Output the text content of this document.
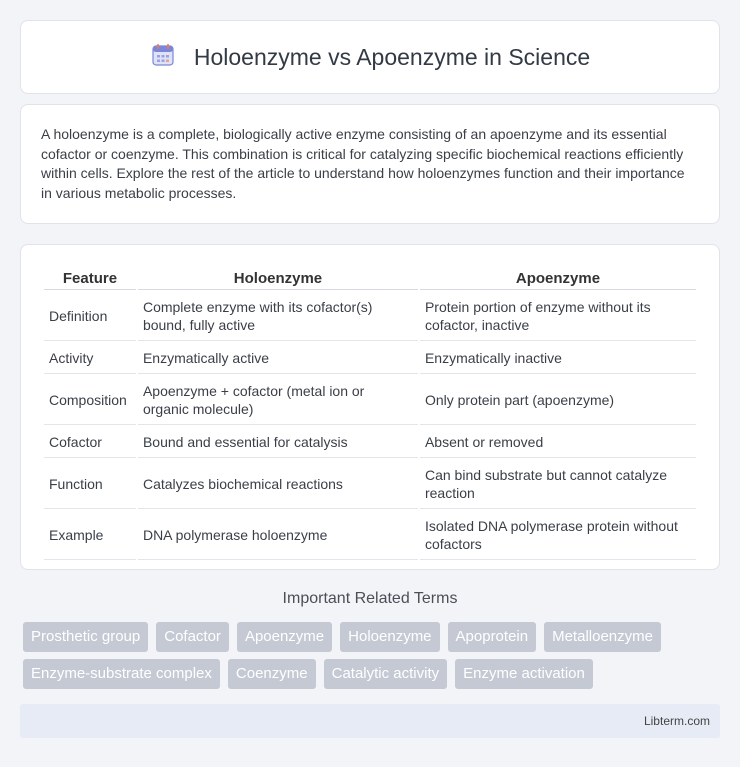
Holoenzyme vs Apoenzyme in Science

A holoenzyme is a complete, biologically active enzyme consisting of an apoenzyme and its essential cofactor or coenzyme. This combination is critical for catalyzing specific biochemical reactions efficiently within cells. Explore the rest of the article to understand how holoenzymes function and their importance in various metabolic processes.

Feature	Holoenzyme	Apoenzyme
Definition	Complete enzyme with its cofactor(s) bound, fully active	Protein portion of enzyme without its cofactor, inactive
Activity	Enzymatically active	Enzymatically inactive
Composition	Apoenzyme + cofactor (metal ion or organic molecule)	Only protein part (apoenzyme)
Cofactor	Bound and essential for catalysis	Absent or removed
Function	Catalyzes biochemical reactions	Can bind substrate but cannot catalyze reaction
Example	DNA polymerase holoenzyme	Isolated DNA polymerase protein without cofactors
Important Related Terms
Prosthetic group	Cofactor	Apoenzyme	Holoenzyme	Apoprotein	Metalloenzyme
Enzyme-substrate complex	Coenzyme	Catalytic activity	Enzyme activation
Libterm.com
